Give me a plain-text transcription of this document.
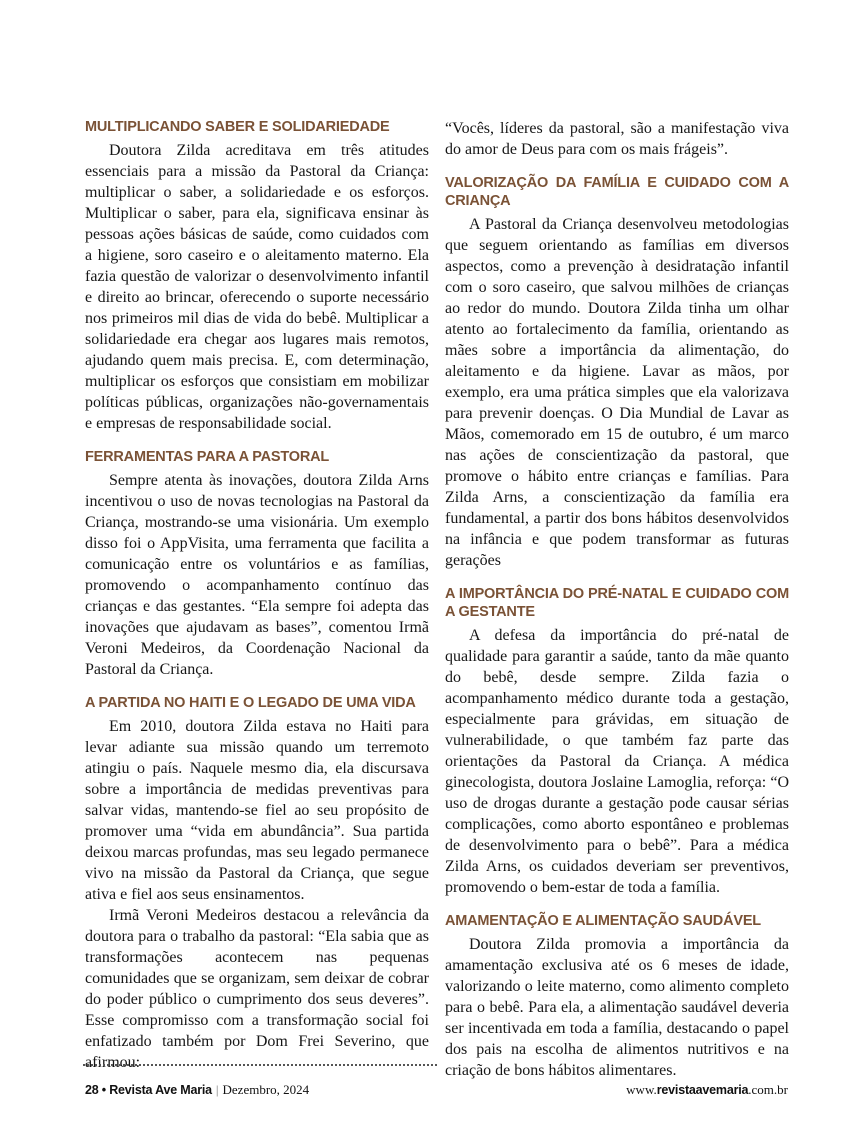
MULTIPLICANDO SABER E SOLIDARIEDADE

Doutora Zilda acreditava em três atitudes essenciais para a missão da Pastoral da Criança: multiplicar o saber, a solidariedade e os esforços. Multiplicar o saber, para ela, significava ensinar às pessoas ações básicas de saúde, como cuidados com a higiene, soro caseiro e o aleitamento materno. Ela fazia questão de valorizar o desenvolvimento infantil e direito ao brincar, oferecendo o suporte necessário nos primeiros mil dias de vida do bebê. Multiplicar a solidariedade era chegar aos lugares mais remotos, ajudando quem mais precisa. E, com determinação, multiplicar os esforços que consistiam em mobilizar políticas públicas, organizações não-governamentais e empresas de responsabilidade social.

FERRAMENTAS PARA A PASTORAL

Sempre atenta às inovações, doutora Zilda Arns incentivou o uso de novas tecnologias na Pastoral da Criança, mostrando-se uma visionária. Um exemplo disso foi o AppVisita, uma ferramenta que facilita a comunicação entre os voluntários e as famílias, promovendo o acompanhamento contínuo das crianças e das gestantes. “Ela sempre foi adepta das inovações que ajudavam as bases”, comentou Irmã Veroni Medeiros, da Coordenação Nacional da Pastoral da Criança.

A PARTIDA NO HAITI E O LEGADO DE UMA VIDA

Em 2010, doutora Zilda estava no Haiti para levar adiante sua missão quando um terremoto atingiu o país. Naquele mesmo dia, ela discursava sobre a importância de medidas preventivas para salvar vidas, mantendo-se fiel ao seu propósito de promover uma “vida em abundância”. Sua partida deixou marcas profundas, mas seu legado permanece vivo na missão da Pastoral da Criança, que segue ativa e fiel aos seus ensinamentos.

Irmã Veroni Medeiros destacou a relevância da doutora para o trabalho da pastoral: “Ela sabia que as transformações acontecem nas pequenas comunidades que se organizam, sem deixar de cobrar do poder público o cumprimento dos seus deveres”. Esse compromisso com a transformação social foi enfatizado também por Dom Frei Severino, que afirmou:

“Vocês, líderes da pastoral, são a manifestação viva do amor de Deus para com os mais frágeis”.

VALORIZAÇÃO DA FAMÍLIA E CUIDADO COM A CRIANÇA

A Pastoral da Criança desenvolveu metodologias que seguem orientando as famílias em diversos aspectos, como a prevenção à desidratação infantil com o soro caseiro, que salvou milhões de crianças ao redor do mundo. Doutora Zilda tinha um olhar atento ao fortalecimento da família, orientando as mães sobre a importância da alimentação, do aleitamento e da higiene. Lavar as mãos, por exemplo, era uma prática simples que ela valorizava para prevenir doenças. O Dia Mundial de Lavar as Mãos, comemorado em 15 de outubro, é um marco nas ações de conscientização da pastoral, que promove o hábito entre crianças e famílias. Para Zilda Arns, a conscientização da família era fundamental, a partir dos bons hábitos desenvolvidos na infância e que podem transformar as futuras gerações

A IMPORTÂNCIA DO PRÉ-NATAL E CUIDADO COM A GESTANTE

A defesa da importância do pré-natal de qualidade para garantir a saúde, tanto da mãe quanto do bebê, desde sempre. Zilda fazia o acompanhamento médico durante toda a gestação, especialmente para grávidas, em situação de vulnerabilidade, o que também faz parte das orientações da Pastoral da Criança. A médica ginecologista, doutora Joslaine Lamoglia, reforça: “O uso de drogas durante a gestação pode causar sérias complicações, como aborto espontâneo e problemas de desenvolvimento para o bebê”. Para a médica Zilda Arns, os cuidados deveriam ser preventivos, promovendo o bem-estar de toda a família.

AMAMENTAÇÃO E ALIMENTAÇÃO SAUDÁVEL

Doutora Zilda promovia a importância da amamentação exclusiva até os 6 meses de idade, valorizando o leite materno, como alimento completo para o bebê. Para ela, a alimentação saudável deveria ser incentivada em toda a família, destacando o papel dos pais na escolha de alimentos nutritivos e na criação de bons hábitos alimentares.

28 • Revista Ave Maria | Dezembro, 2024	www.revistaavemaria.com.br
